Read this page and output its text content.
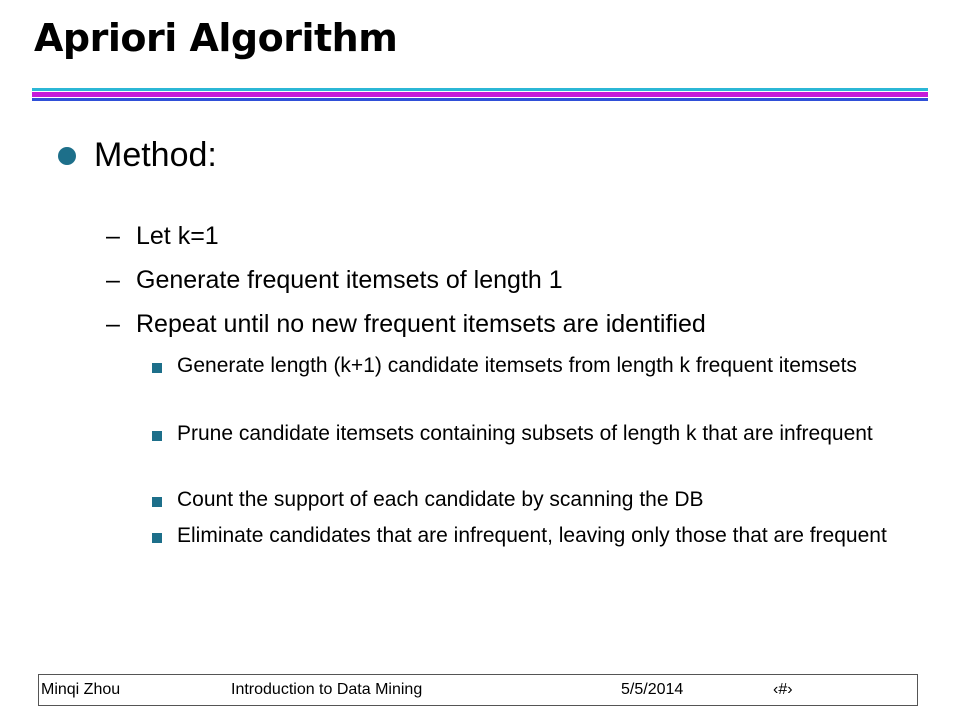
Apriori Algorithm
Method:
– Let k=1
– Generate frequent itemsets of length 1
– Repeat until no new frequent itemsets are identified
Generate length (k+1) candidate itemsets from length k frequent itemsets
Prune candidate itemsets containing subsets of length k that are infrequent
Count the support of each candidate by scanning the DB
Eliminate candidates that are infrequent, leaving only those that are frequent
Minqi Zhou	Introduction to Data Mining	5/5/2014	‹#›
